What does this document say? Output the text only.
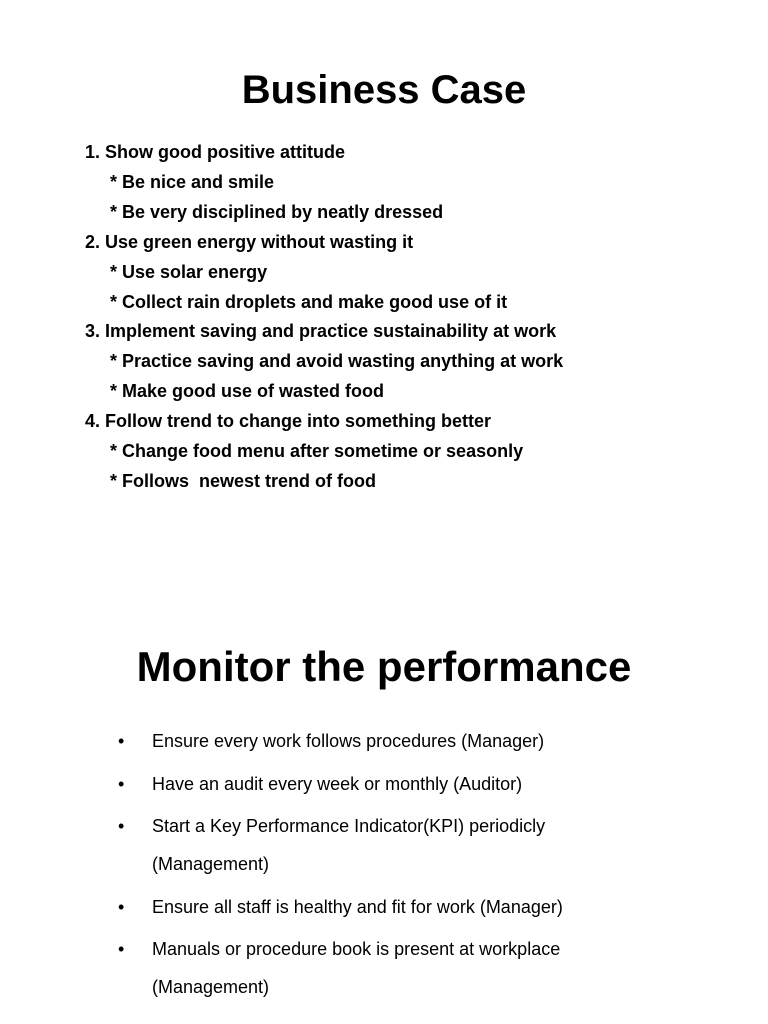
Business Case
1. Show good positive attitude
* Be nice and smile
* Be very disciplined by neatly dressed
2. Use green energy without wasting it
* Use solar energy
* Collect rain droplets and make good use of it
3. Implement saving and practice sustainability at work
* Practice saving and avoid wasting anything at work
* Make good use of wasted food
4. Follow trend to change into something better
* Change food menu after sometime or seasonly
* Follows  newest trend of food
Monitor the performance
• Ensure every work follows procedures (Manager)
• Have an audit every week or monthly (Auditor)
• Start a Key Performance Indicator(KPI) periodicly (Management)
• Ensure all staff is healthy and fit for work (Manager)
• Manuals or procedure book is present at workplace (Management)
